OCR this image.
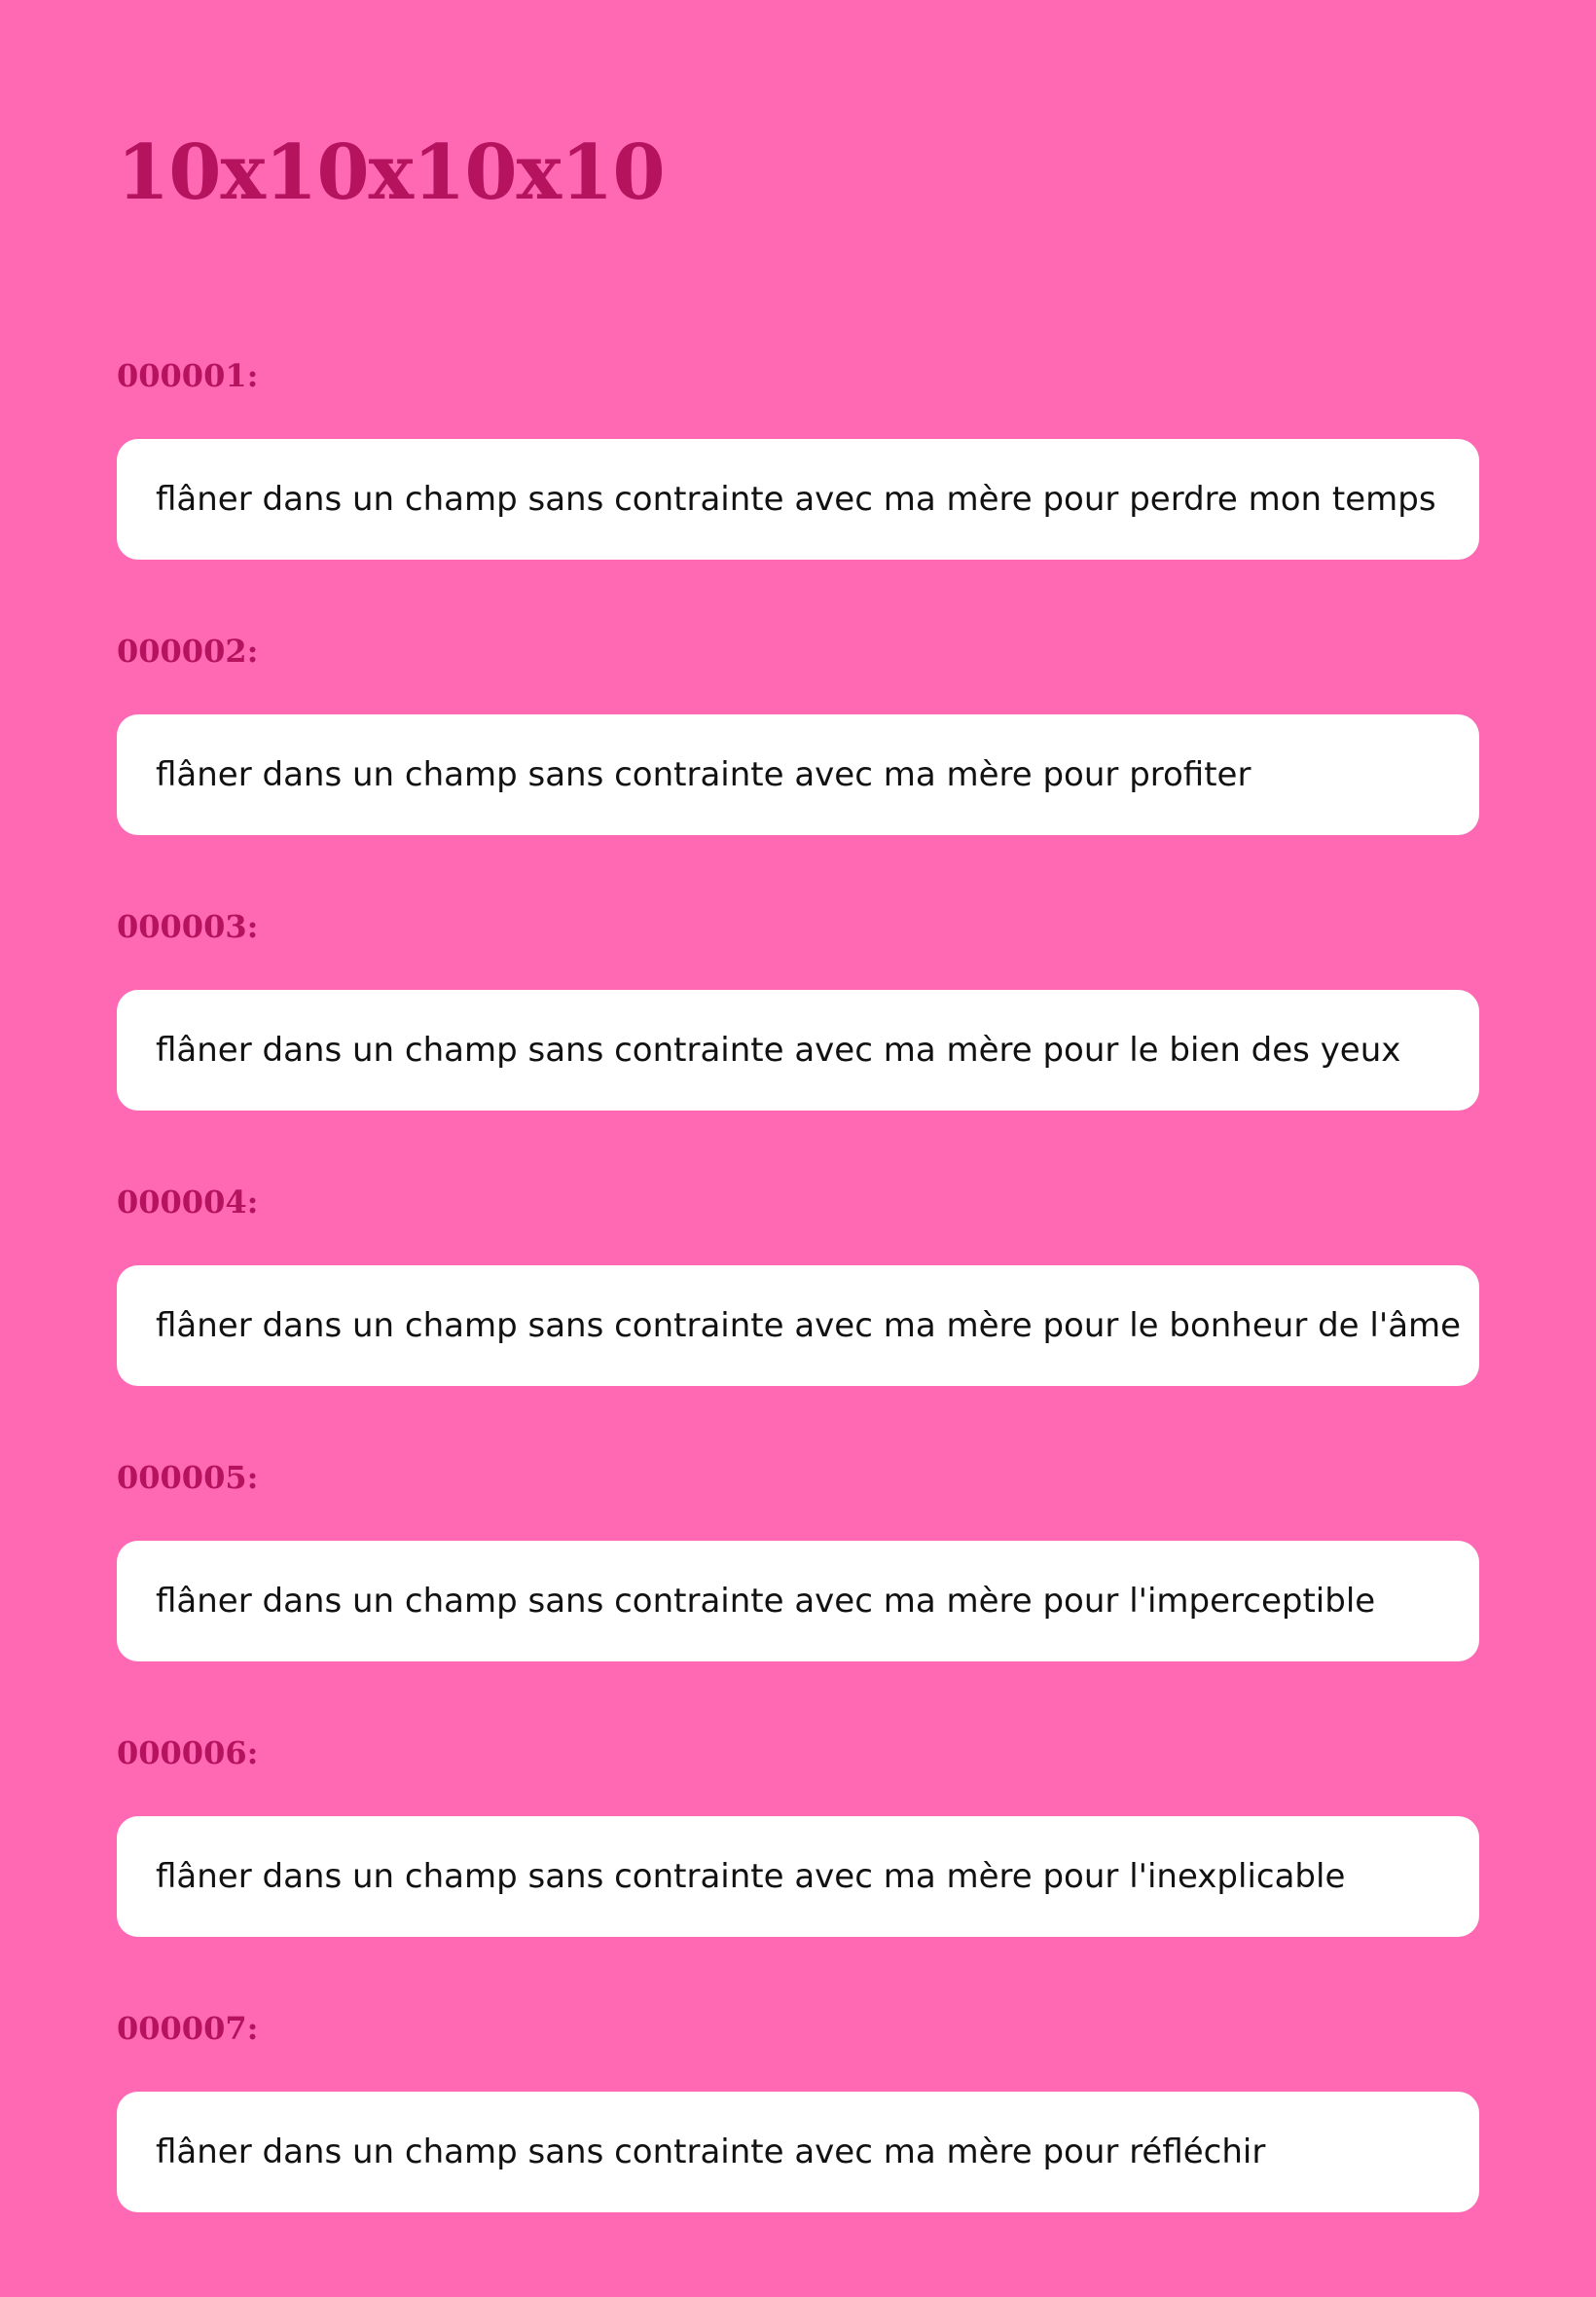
10x10x10x10
000001:
flâner dans un champ sans contrainte avec ma mère pour perdre mon temps
000002:
flâner dans un champ sans contrainte avec ma mère pour profiter
000003:
flâner dans un champ sans contrainte avec ma mère pour le bien des yeux
000004:
flâner dans un champ sans contrainte avec ma mère pour le bonheur de l'âme
000005:
flâner dans un champ sans contrainte avec ma mère pour l'imperceptible
000006:
flâner dans un champ sans contrainte avec ma mère pour l'inexplicable
000007:
flâner dans un champ sans contrainte avec ma mère pour réfléchir
